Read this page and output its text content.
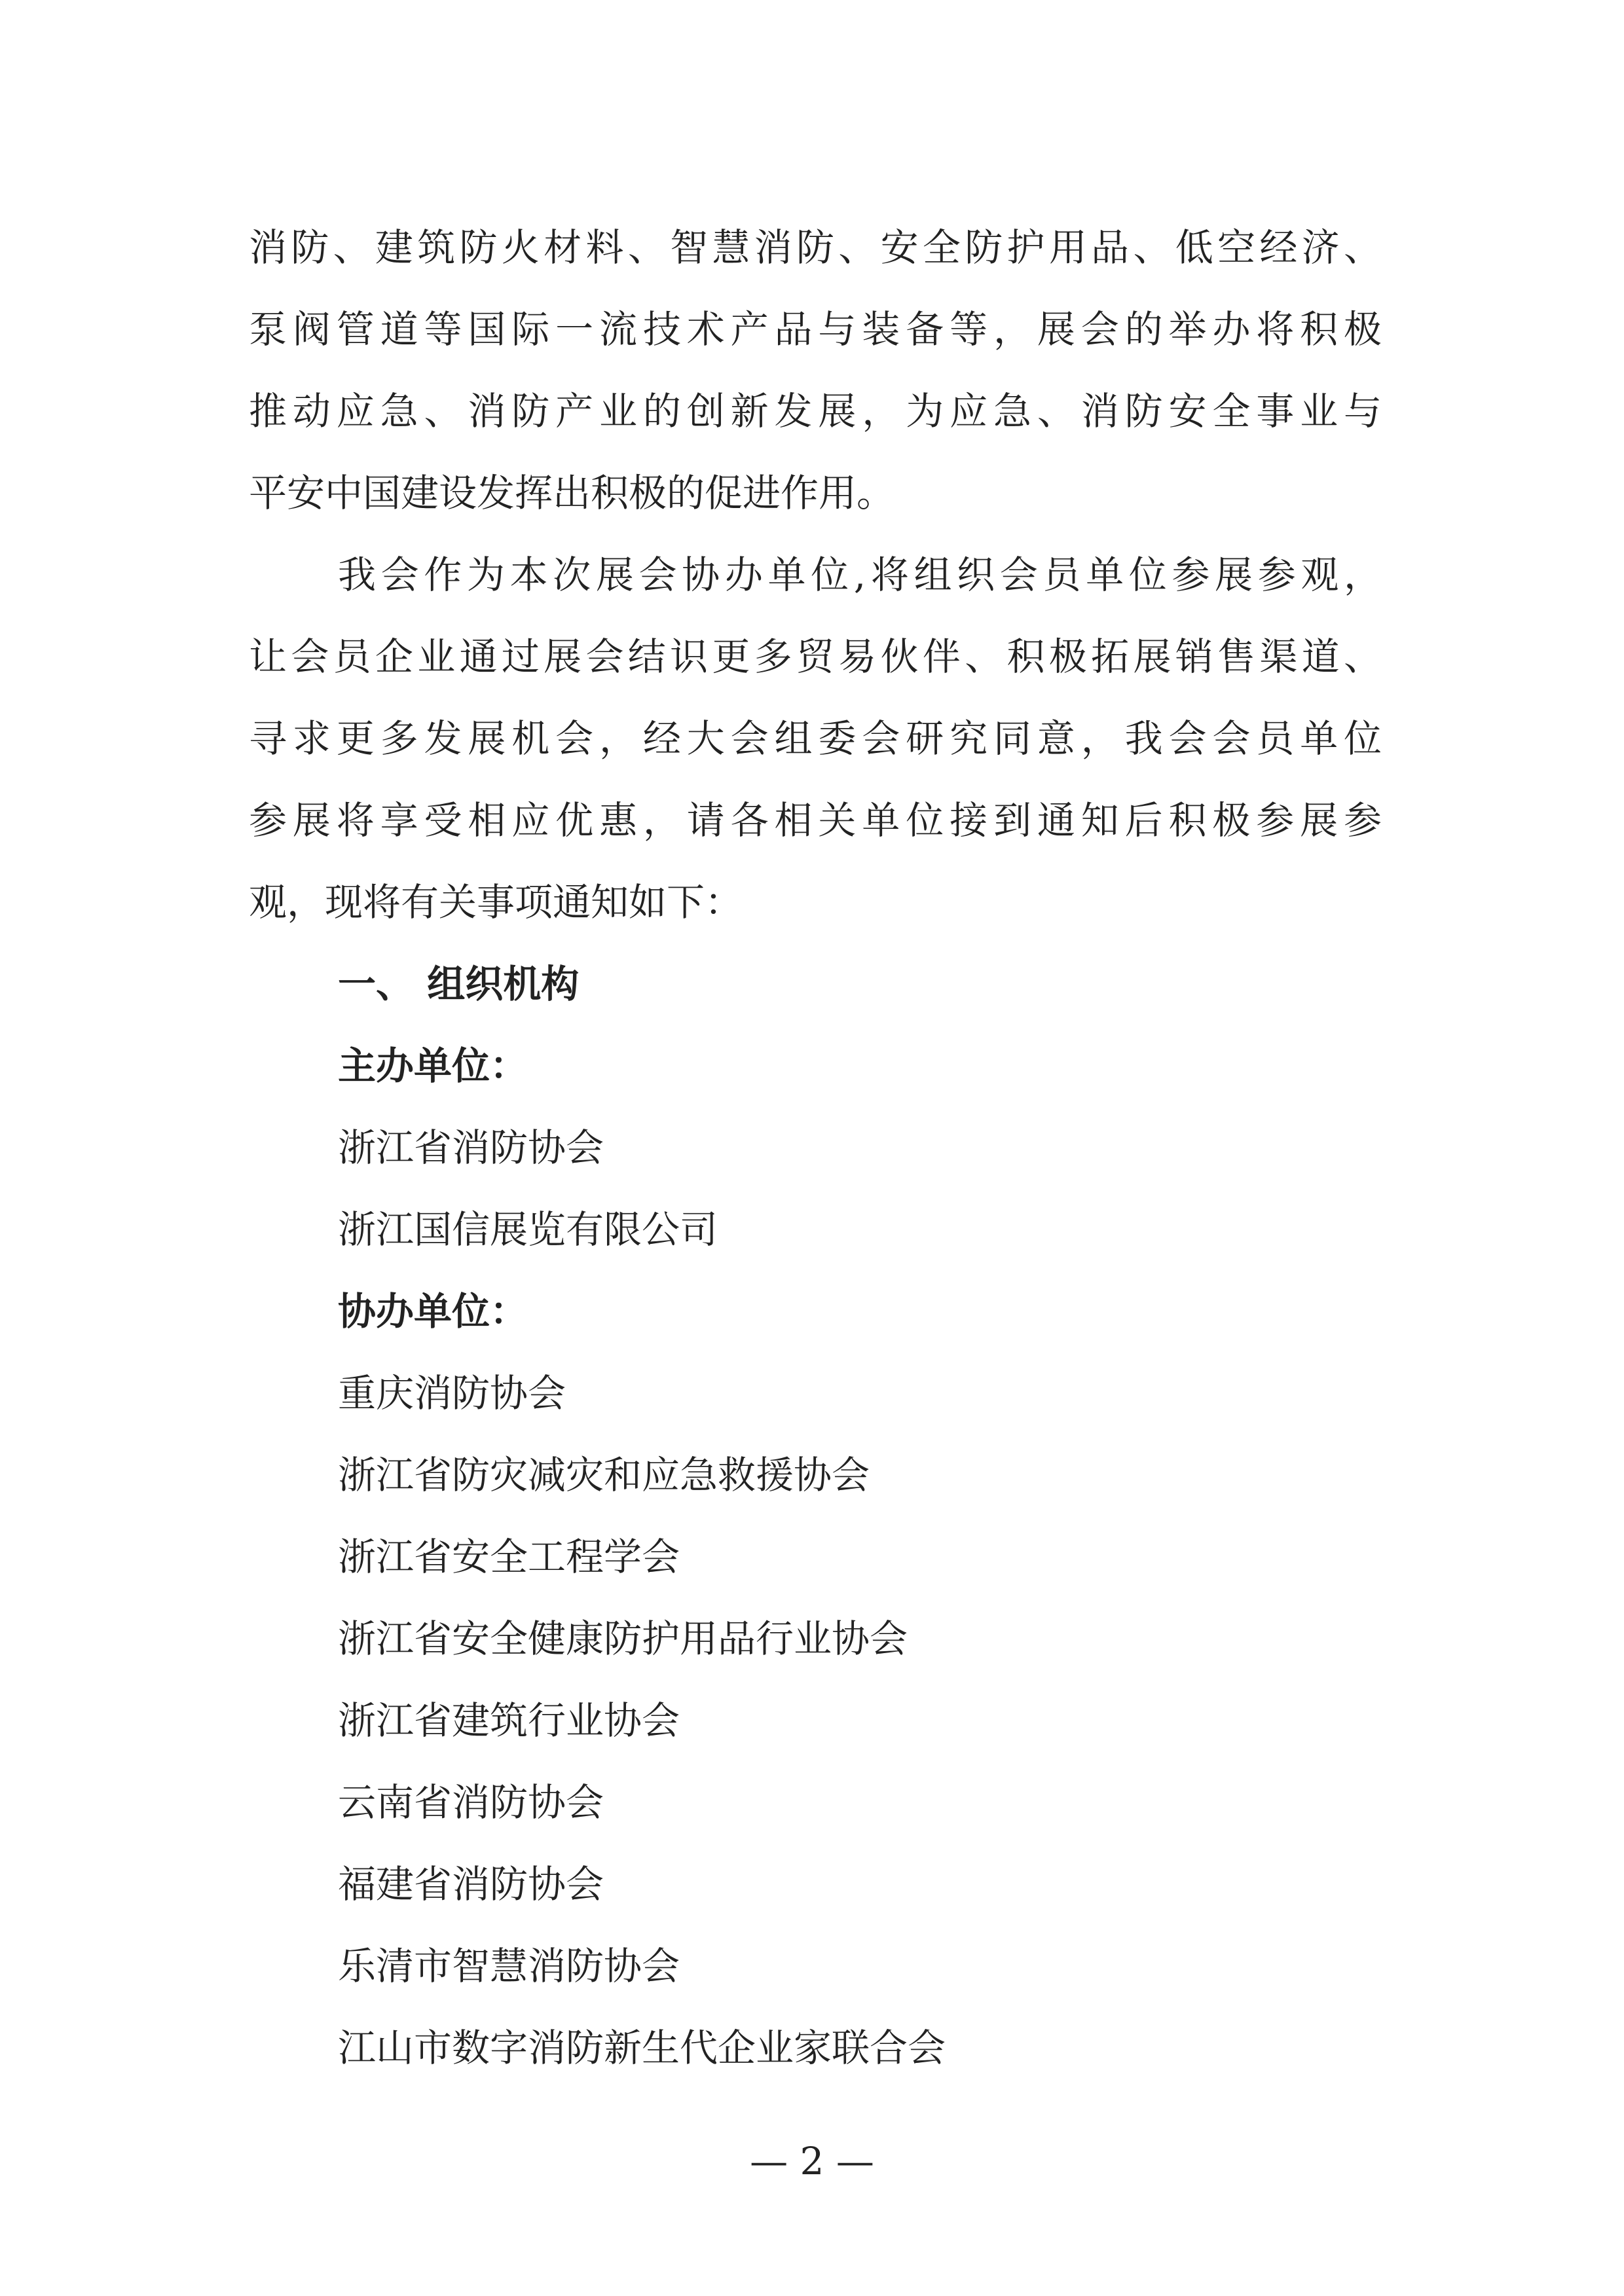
消防、建筑防火材料、智慧消防、安全防护用品、低空经济、
泵阀管道等国际一流技术产品与装备等，展会的举办将积极
推动应急、消防产业的创新发展，为应急、消防安全事业与
平安中国建设发挥出积极的促进作用。
我会作为本次展会协办单位,将组织会员单位参展参观，
让会员企业通过展会结识更多贸易伙伴、积极拓展销售渠道、
寻求更多发展机会，经大会组委会研究同意，我会会员单位
参展将享受相应优惠，请各相关单位接到通知后积极参展参
观，现将有关事项通知如下：
一、 组织机构
主办单位：
浙江省消防协会
浙江国信展览有限公司
协办单位：
重庆消防协会
浙江省防灾减灾和应急救援协会
浙江省安全工程学会
浙江省安全健康防护用品行业协会
浙江省建筑行业协会
云南省消防协会
福建省消防协会
乐清市智慧消防协会
江山市数字消防新生代企业家联合会
— 2 —
